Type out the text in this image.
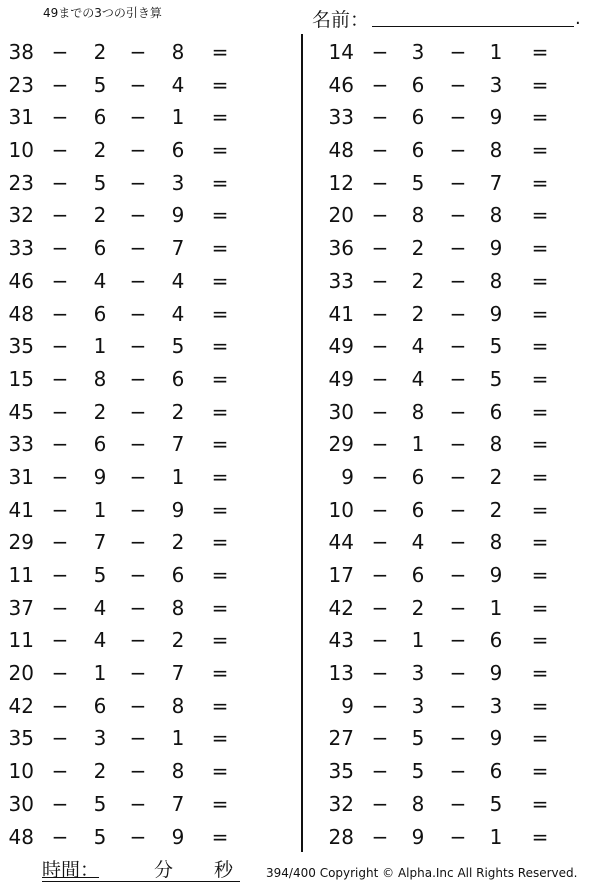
49までの3つの引き算	名前：	.
38 − 2 − 8 =
23 − 5 − 4 =
31 − 6 − 1 =
10 − 2 − 6 =
23 − 5 − 3 =
32 − 2 − 9 =
33 − 6 − 7 =
46 − 4 − 4 =
48 − 6 − 4 =
35 − 1 − 5 =
15 − 8 − 6 =
45 − 2 − 2 =
33 − 6 − 7 =
31 − 9 − 1 =
41 − 1 − 9 =
29 − 7 − 2 =
11 − 5 − 6 =
37 − 4 − 8 =
11 − 4 − 2 =
20 − 1 − 7 =
42 − 6 − 8 =
35 − 3 − 1 =
10 − 2 − 8 =
30 − 5 − 7 =
48 − 5 − 9 =
14 − 3 − 1 =
46 − 6 − 3 =
33 − 6 − 9 =
48 − 6 − 8 =
12 − 5 − 7 =
20 − 8 − 8 =
36 − 2 − 9 =
33 − 2 − 8 =
41 − 2 − 9 =
49 − 4 − 5 =
49 − 4 − 5 =
30 − 8 − 6 =
29 − 1 − 8 =
9 − 6 − 2 =
10 − 6 − 2 =
44 − 4 − 8 =
17 − 6 − 9 =
42 − 2 − 1 =
43 − 1 − 6 =
13 − 3 − 9 =
9 − 3 − 3 =
27 − 5 − 9 =
35 − 5 − 6 =
32 − 8 − 5 =
28 − 9 − 1 =
時間：	分 秒	394/400 Copyright © Alpha.Inc All Rights Reserved.
